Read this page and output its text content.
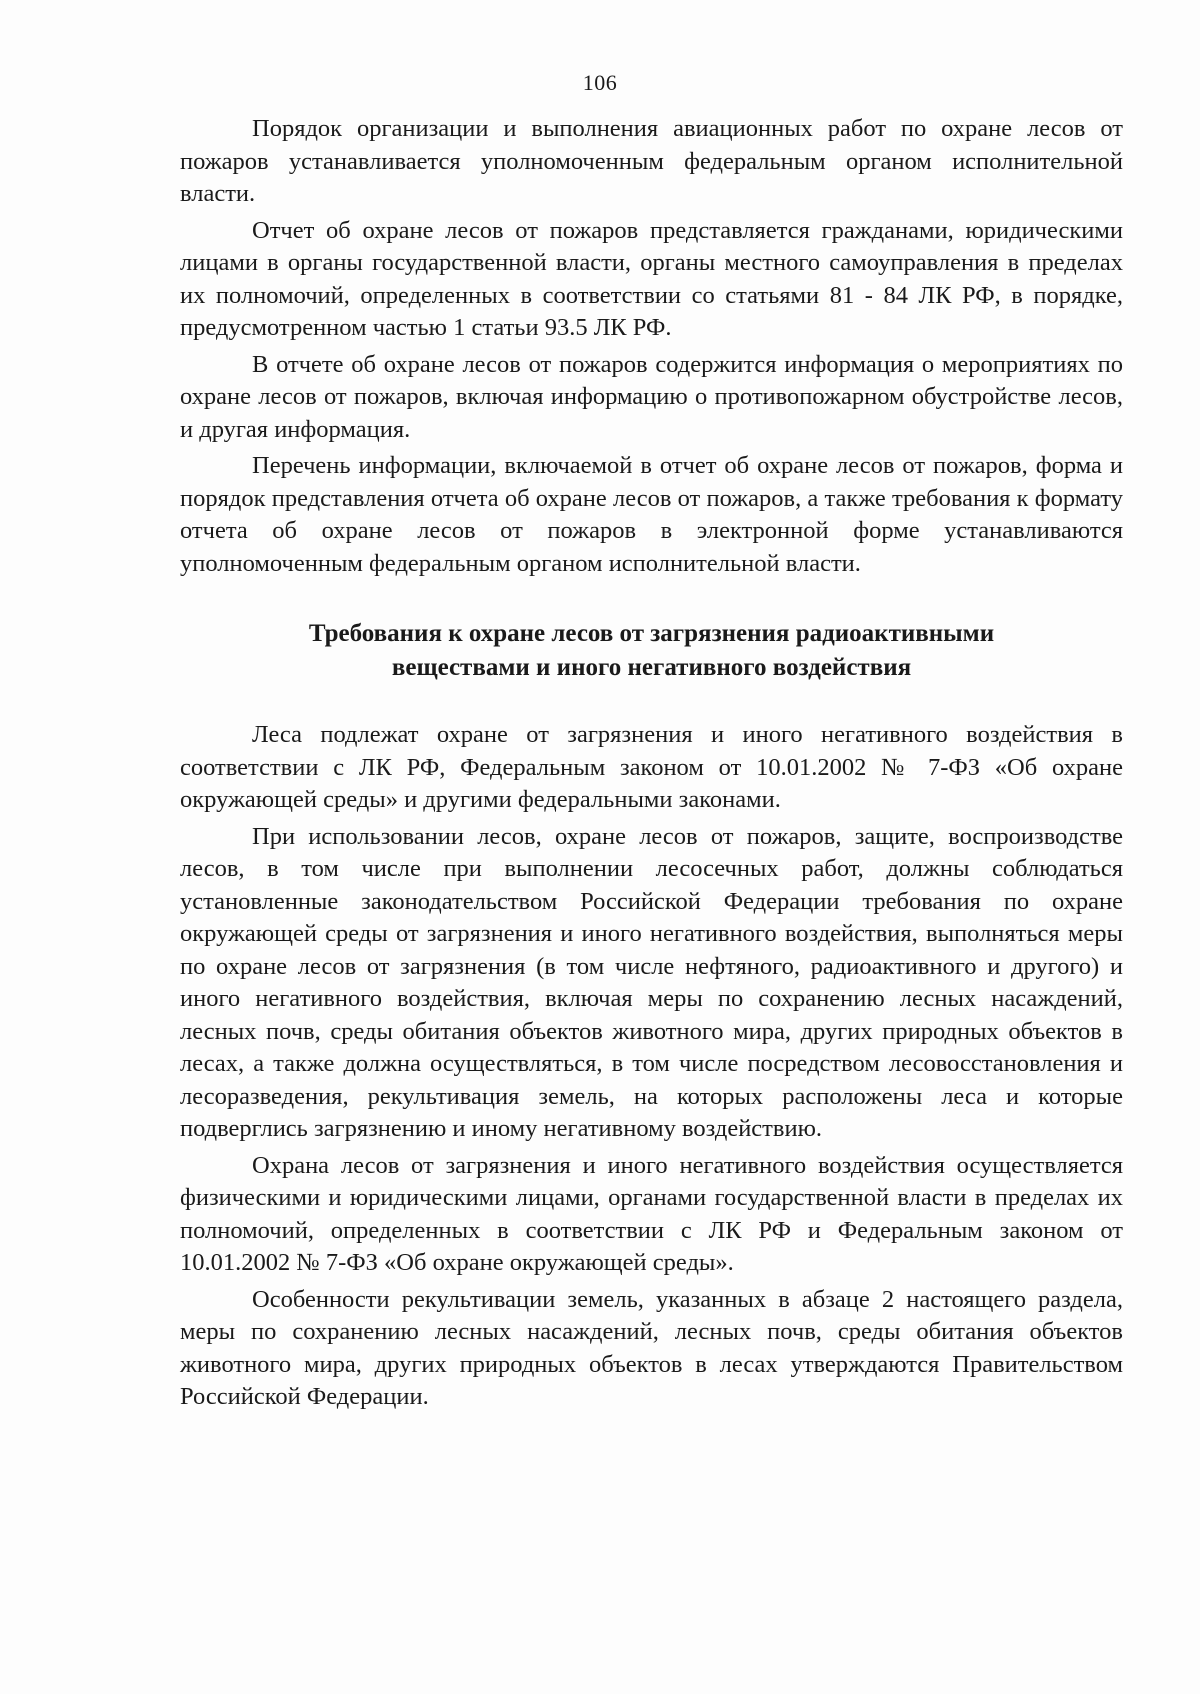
106

Порядок организации и выполнения авиационных работ по охране лесов от пожаров устанавливается уполномоченным федеральным органом исполнительной власти.

Отчет об охране лесов от пожаров представляется гражданами, юридическими лицами в органы государственной власти, органы местного самоуправления в пределах их полномочий, определенных в соответствии со статьями 81 - 84 ЛК РФ, в порядке, предусмотренном частью 1 статьи 93.5 ЛК РФ.

В отчете об охране лесов от пожаров содержится информация о мероприятиях по охране лесов от пожаров, включая информацию о противопожарном обустройстве лесов, и другая информация.

Перечень информации, включаемой в отчет об охране лесов от пожаров, форма и порядок представления отчета об охране лесов от пожаров, а также требования к формату отчета об охране лесов от пожаров в электронной форме устанавливаются уполномоченным федеральным органом исполнительной власти.

Требования к охране лесов от загрязнения радиоактивными
веществами и иного негативного воздействия

Леса подлежат охране от загрязнения и иного негативного воздействия в соответствии с ЛК РФ, Федеральным законом от 10.01.2002 № 7-ФЗ «Об охране окружающей среды» и другими федеральными законами.

При использовании лесов, охране лесов от пожаров, защите, воспроизводстве лесов, в том числе при выполнении лесосечных работ, должны соблюдаться установленные законодательством Российской Федерации требования по охране окружающей среды от загрязнения и иного негативного воздействия, выполняться меры по охране лесов от загрязнения (в том числе нефтяного, радиоактивного и другого) и иного негативного воздействия, включая меры по сохранению лесных насаждений, лесных почв, среды обитания объектов животного мира, других природных объектов в лесах, а также должна осуществляться, в том числе посредством лесовосстановления и лесоразведения, рекультивация земель, на которых расположены леса и которые подверглись загрязнению и иному негативному воздействию.

Охрана лесов от загрязнения и иного негативного воздействия осуществляется физическими и юридическими лицами, органами государственной власти в пределах их полномочий, определенных в соответствии с ЛК РФ и Федеральным законом от 10.01.2002 № 7-ФЗ «Об охране окружающей среды».

Особенности рекультивации земель, указанных в абзаце 2 настоящего раздела, меры по сохранению лесных насаждений, лесных почв, среды обитания объектов животного мира, других природных объектов в лесах утверждаются Правительством Российской Федерации.
